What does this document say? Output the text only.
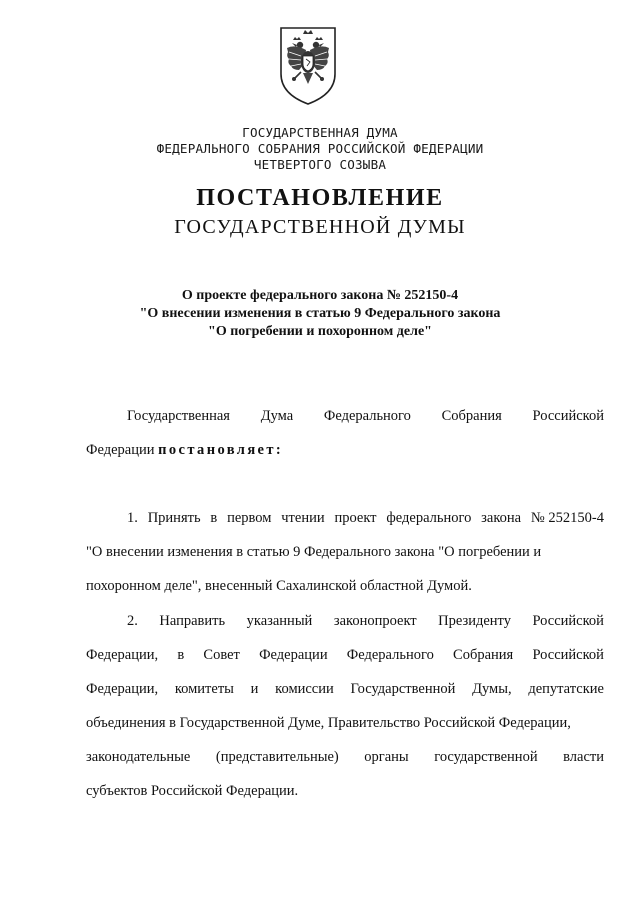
ГОСУДАРСТВЕННАЯ ДУМА
ФЕДЕРАЛЬНОГО СОБРАНИЯ РОССИЙСКОЙ ФЕДЕРАЦИИ
ЧЕТВЕРТОГО СОЗЫВА
ПОСТАНОВЛЕНИЕ
ГОСУДАРСТВЕННОЙ ДУМЫ
О проекте федерального закона № 252150-4
"О внесении изменения в статью 9 Федерального закона
"О погребении и похоронном деле"
Государственная Дума Федерального Собрания Российской
Федерации постановляет:
1. Принять в первом чтении проект федерального закона № 252150-4
"О внесении изменения в статью 9 Федерального закона "О погребении и
похоронном деле", внесенный Сахалинской областной Думой.
2. Направить указанный законопроект Президенту Российской
Федерации, в Совет Федерации Федерального Собрания Российской
Федерации, комитеты и комиссии Государственной Думы, депутатские
объединения в Государственной Думе, Правительство Российской Федерации,
законодательные (представительные) органы государственной власти
субъектов Российской Федерации.
